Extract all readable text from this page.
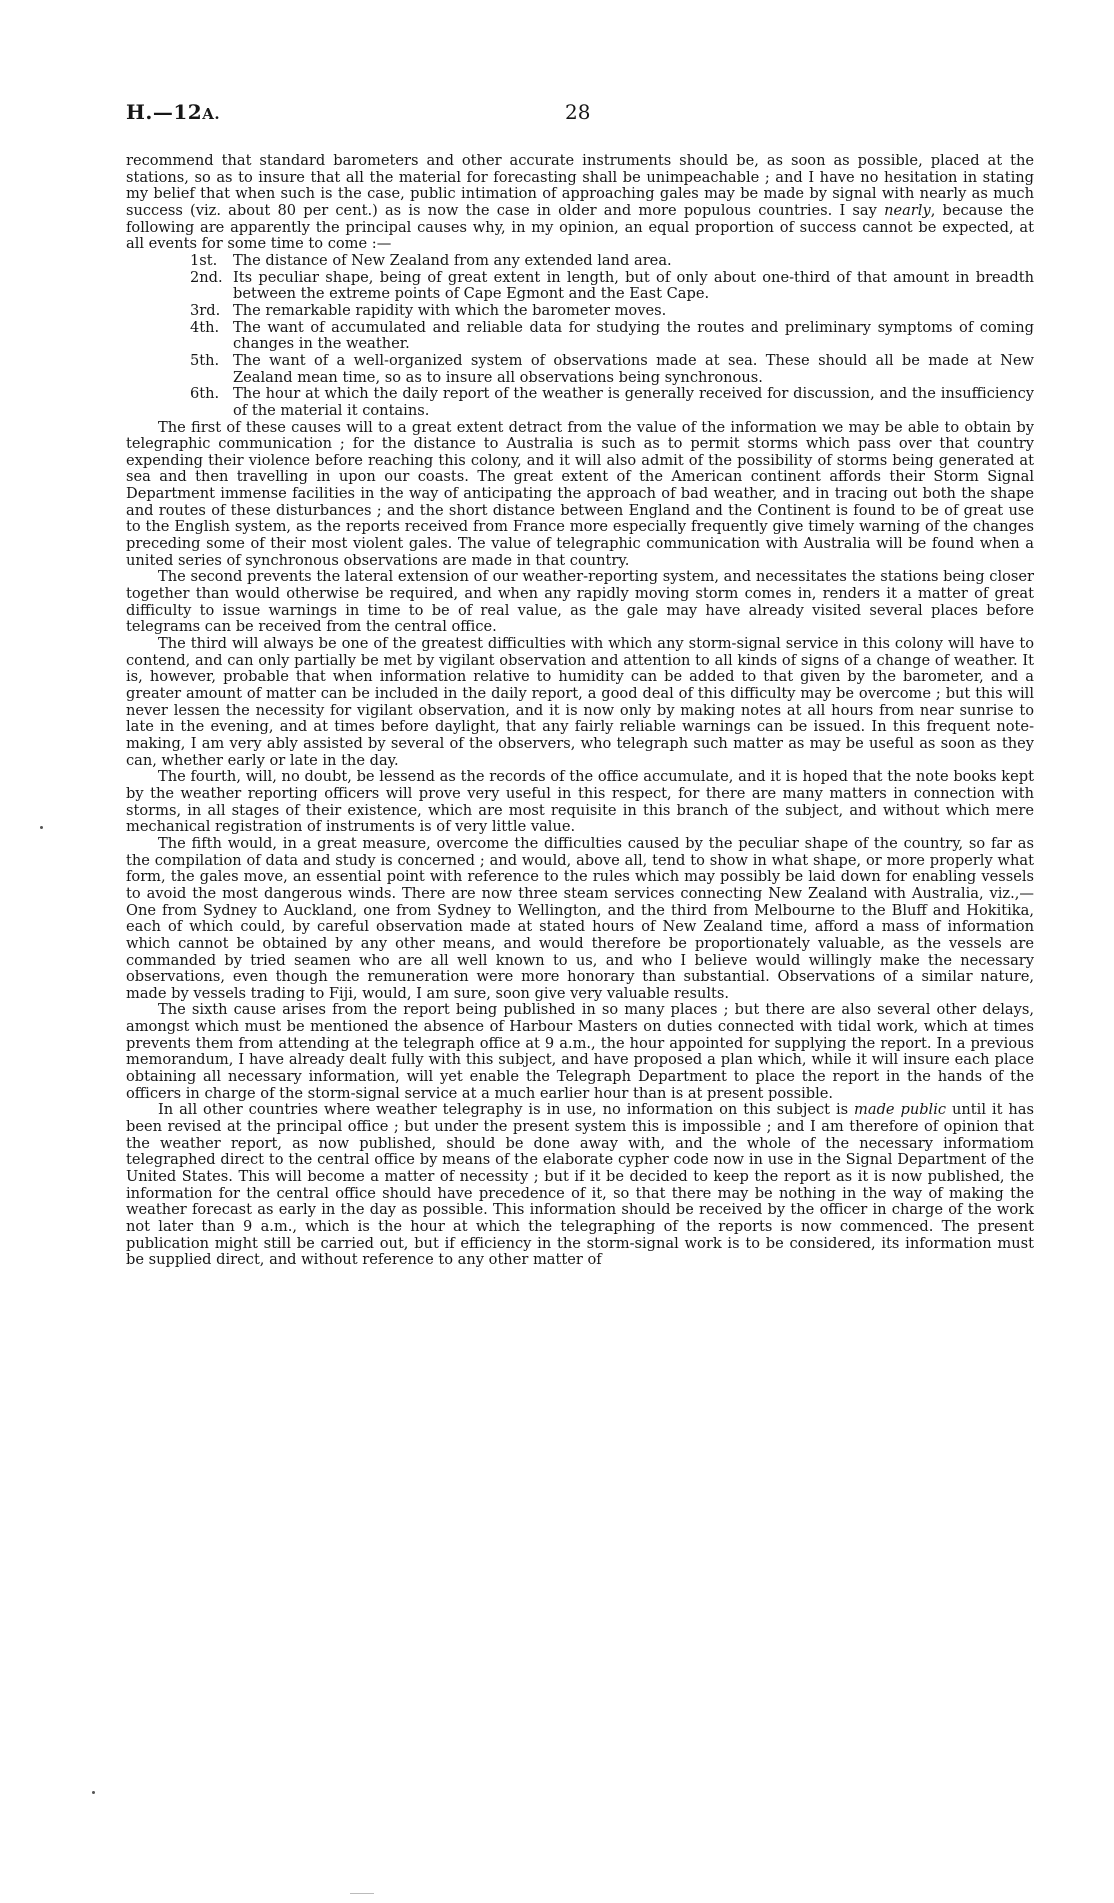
H.—12A.	28

recommend that standard barometers and other accurate instruments should be, as soon as possible, placed at the stations, so as to insure that all the material for forecasting shall be unimpeachable ; and I have no hesitation in stating my belief that when such is the case, public intimation of approaching gales may be made by signal with nearly as much success (viz. about 80 per cent.) as is now the case in older and more populous countries. I say nearly, because the following are apparently the principal causes why, in my opinion, an equal proportion of success cannot be expected, at all events for some time to come :—

1st. The distance of New Zealand from any extended land area.
2nd. Its peculiar shape, being of great extent in length, but of only about one-third of that amount in breadth between the extreme points of Cape Egmont and the East Cape.
3rd. The remarkable rapidity with which the barometer moves.
4th. The want of accumulated and reliable data for studying the routes and preliminary symptoms of coming changes in the weather.
5th. The want of a well-organized system of observations made at sea. These should all be made at New Zealand mean time, so as to insure all observations being synchronous.
6th. The hour at which the daily report of the weather is generally received for discussion, and the insufficiency of the material it contains.

The first of these causes will to a great extent detract from the value of the information we may be able to obtain by telegraphic communication ; for the distance to Australia is such as to permit storms which pass over that country expending their violence before reaching this colony, and it will also admit of the possibility of storms being generated at sea and then travelling in upon our coasts. The great extent of the American continent affords their Storm Signal Department immense facilities in the way of anticipating the approach of bad weather, and in tracing out both the shape and routes of these disturbances ; and the short distance between England and the Continent is found to be of great use to the English system, as the reports received from France more especially frequently give timely warning of the changes preceding some of their most violent gales. The value of telegraphic communication with Australia will be found when a united series of synchronous observations are made in that country.

The second prevents the lateral extension of our weather-reporting system, and necessitates the stations being closer together than would otherwise be required, and when any rapidly moving storm comes in, renders it a matter of great difficulty to issue warnings in time to be of real value, as the gale may have already visited several places before telegrams can be received from the central office.

The third will always be one of the greatest difficulties with which any storm-signal service in this colony will have to contend, and can only partially be met by vigilant observation and attention to all kinds of signs of a change of weather. It is, however, probable that when information relative to humidity can be added to that given by the barometer, and a greater amount of matter can be included in the daily report, a good deal of this difficulty may be overcome ; but this will never lessen the necessity for vigilant observation, and it is now only by making notes at all hours from near sunrise to late in the evening, and at times before daylight, that any fairly reliable warnings can be issued. In this frequent note-making, I am very ably assisted by several of the observers, who telegraph such matter as may be useful as soon as they can, whether early or late in the day.

The fourth, will, no doubt, be lessend as the records of the office accumulate, and it is hoped that the note books kept by the weather reporting officers will prove very useful in this respect, for there are many matters in connection with storms, in all stages of their existence, which are most requisite in this branch of the subject, and without which mere mechanical registration of instruments is of very little value.

The fifth would, in a great measure, overcome the difficulties caused by the peculiar shape of the country, so far as the compilation of data and study is concerned ; and would, above all, tend to show in what shape, or more properly what form, the gales move, an essential point with reference to the rules which may possibly be laid down for enabling vessels to avoid the most dangerous winds. There are now three steam services connecting New Zealand with Australia, viz.,—One from Sydney to Auckland, one from Sydney to Wellington, and the third from Melbourne to the Bluff and Hokitika, each of which could, by careful observation made at stated hours of New Zealand time, afford a mass of information which cannot be obtained by any other means, and would therefore be proportionately valuable, as the vessels are commanded by tried seamen who are all well known to us, and who I believe would willingly make the necessary observations, even though the remuneration were more honorary than substantial. Observations of a similar nature, made by vessels trading to Fiji, would, I am sure, soon give very valuable results.

The sixth cause arises from the report being published in so many places ; but there are also several other delays, amongst which must be mentioned the absence of Harbour Masters on duties connected with tidal work, which at times prevents them from attending at the telegraph office at 9 a.m., the hour appointed for supplying the report. In a previous memorandum, I have already dealt fully with this subject, and have proposed a plan which, while it will insure each place obtaining all necessary information, will yet enable the Telegraph Department to place the report in the hands of the officers in charge of the storm-signal service at a much earlier hour than is at present possible.

In all other countries where weather telegraphy is in use, no information on this subject is made public until it has been revised at the principal office ; but under the present system this is impossible ; and I am therefore of opinion that the weather report, as now published, should be done away with, and the whole of the necessary informatiom telegraphed direct to the central office by means of the elaborate cypher code now in use in the Signal Department of the United States. This will become a matter of necessity ; but if it be decided to keep the report as it is now published, the information for the central office should have precedence of it, so that there may be nothing in the way of making the weather forecast as early in the day as possible. This information should be received by the officer in charge of the work not later than 9 a.m., which is the hour at which the telegraphing of the reports is now commenced. The present publication might still be carried out, but if efficiency in the storm-signal work is to be considered, its information must be supplied direct, and without reference to any other matter of
